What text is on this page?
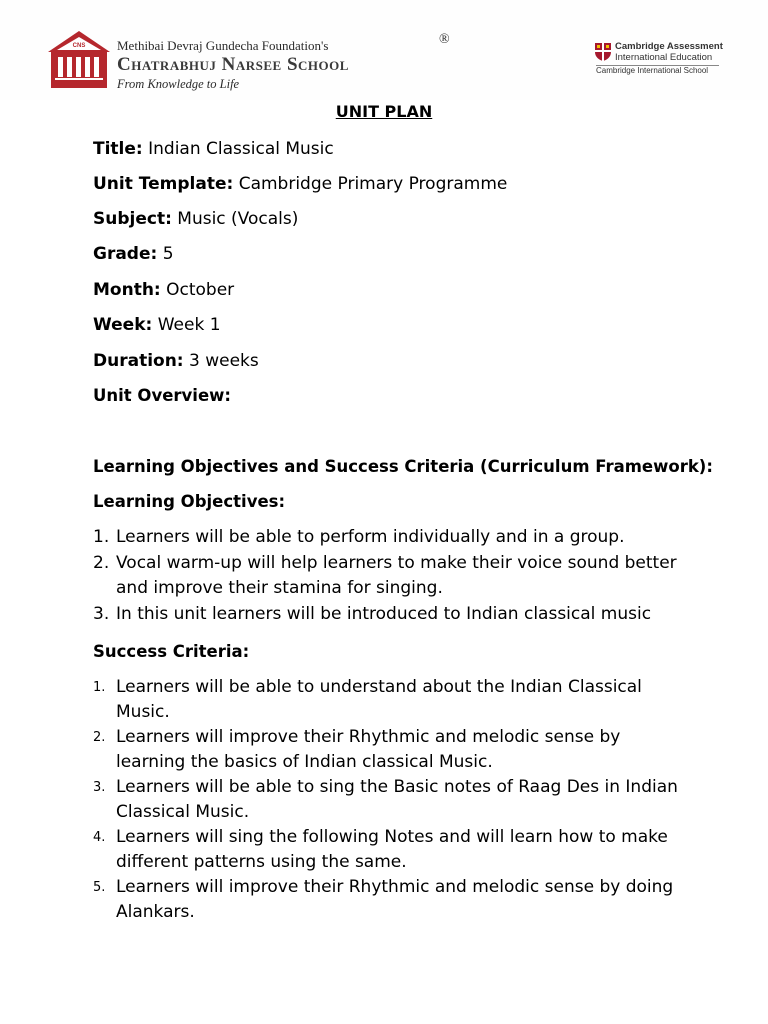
CNS Methibai Devraj Gundecha Foundation's
Chatrabhuj Narsee School
From Knowledge to Life
®	Cambridge Assessment
International Education
Cambridge International School
UNIT PLAN
Title: Indian Classical Music
Unit Template: Cambridge Primary Programme
Subject: Music (Vocals)
Grade: 5
Month: October
Week: Week 1
Duration: 3 weeks
Unit Overview:
Learning Objectives and Success Criteria (Curriculum Framework):
Learning Objectives:
1. Learners will be able to perform individually and in a group.
2. Vocal warm-up will help learners to make their voice sound better and improve their stamina for singing.
3. In this unit learners will be introduced to Indian classical music
Success Criteria:
1. Learners will be able to understand about the Indian Classical Music.
2. Learners will improve their Rhythmic and melodic sense by learning the basics of Indian classical Music.
3. Learners will be able to sing the Basic notes of Raag Des in Indian Classical Music.
4. Learners will sing the following Notes and will learn how to make different patterns using the same.
5. Learners will improve their Rhythmic and melodic sense by doing Alankars.
